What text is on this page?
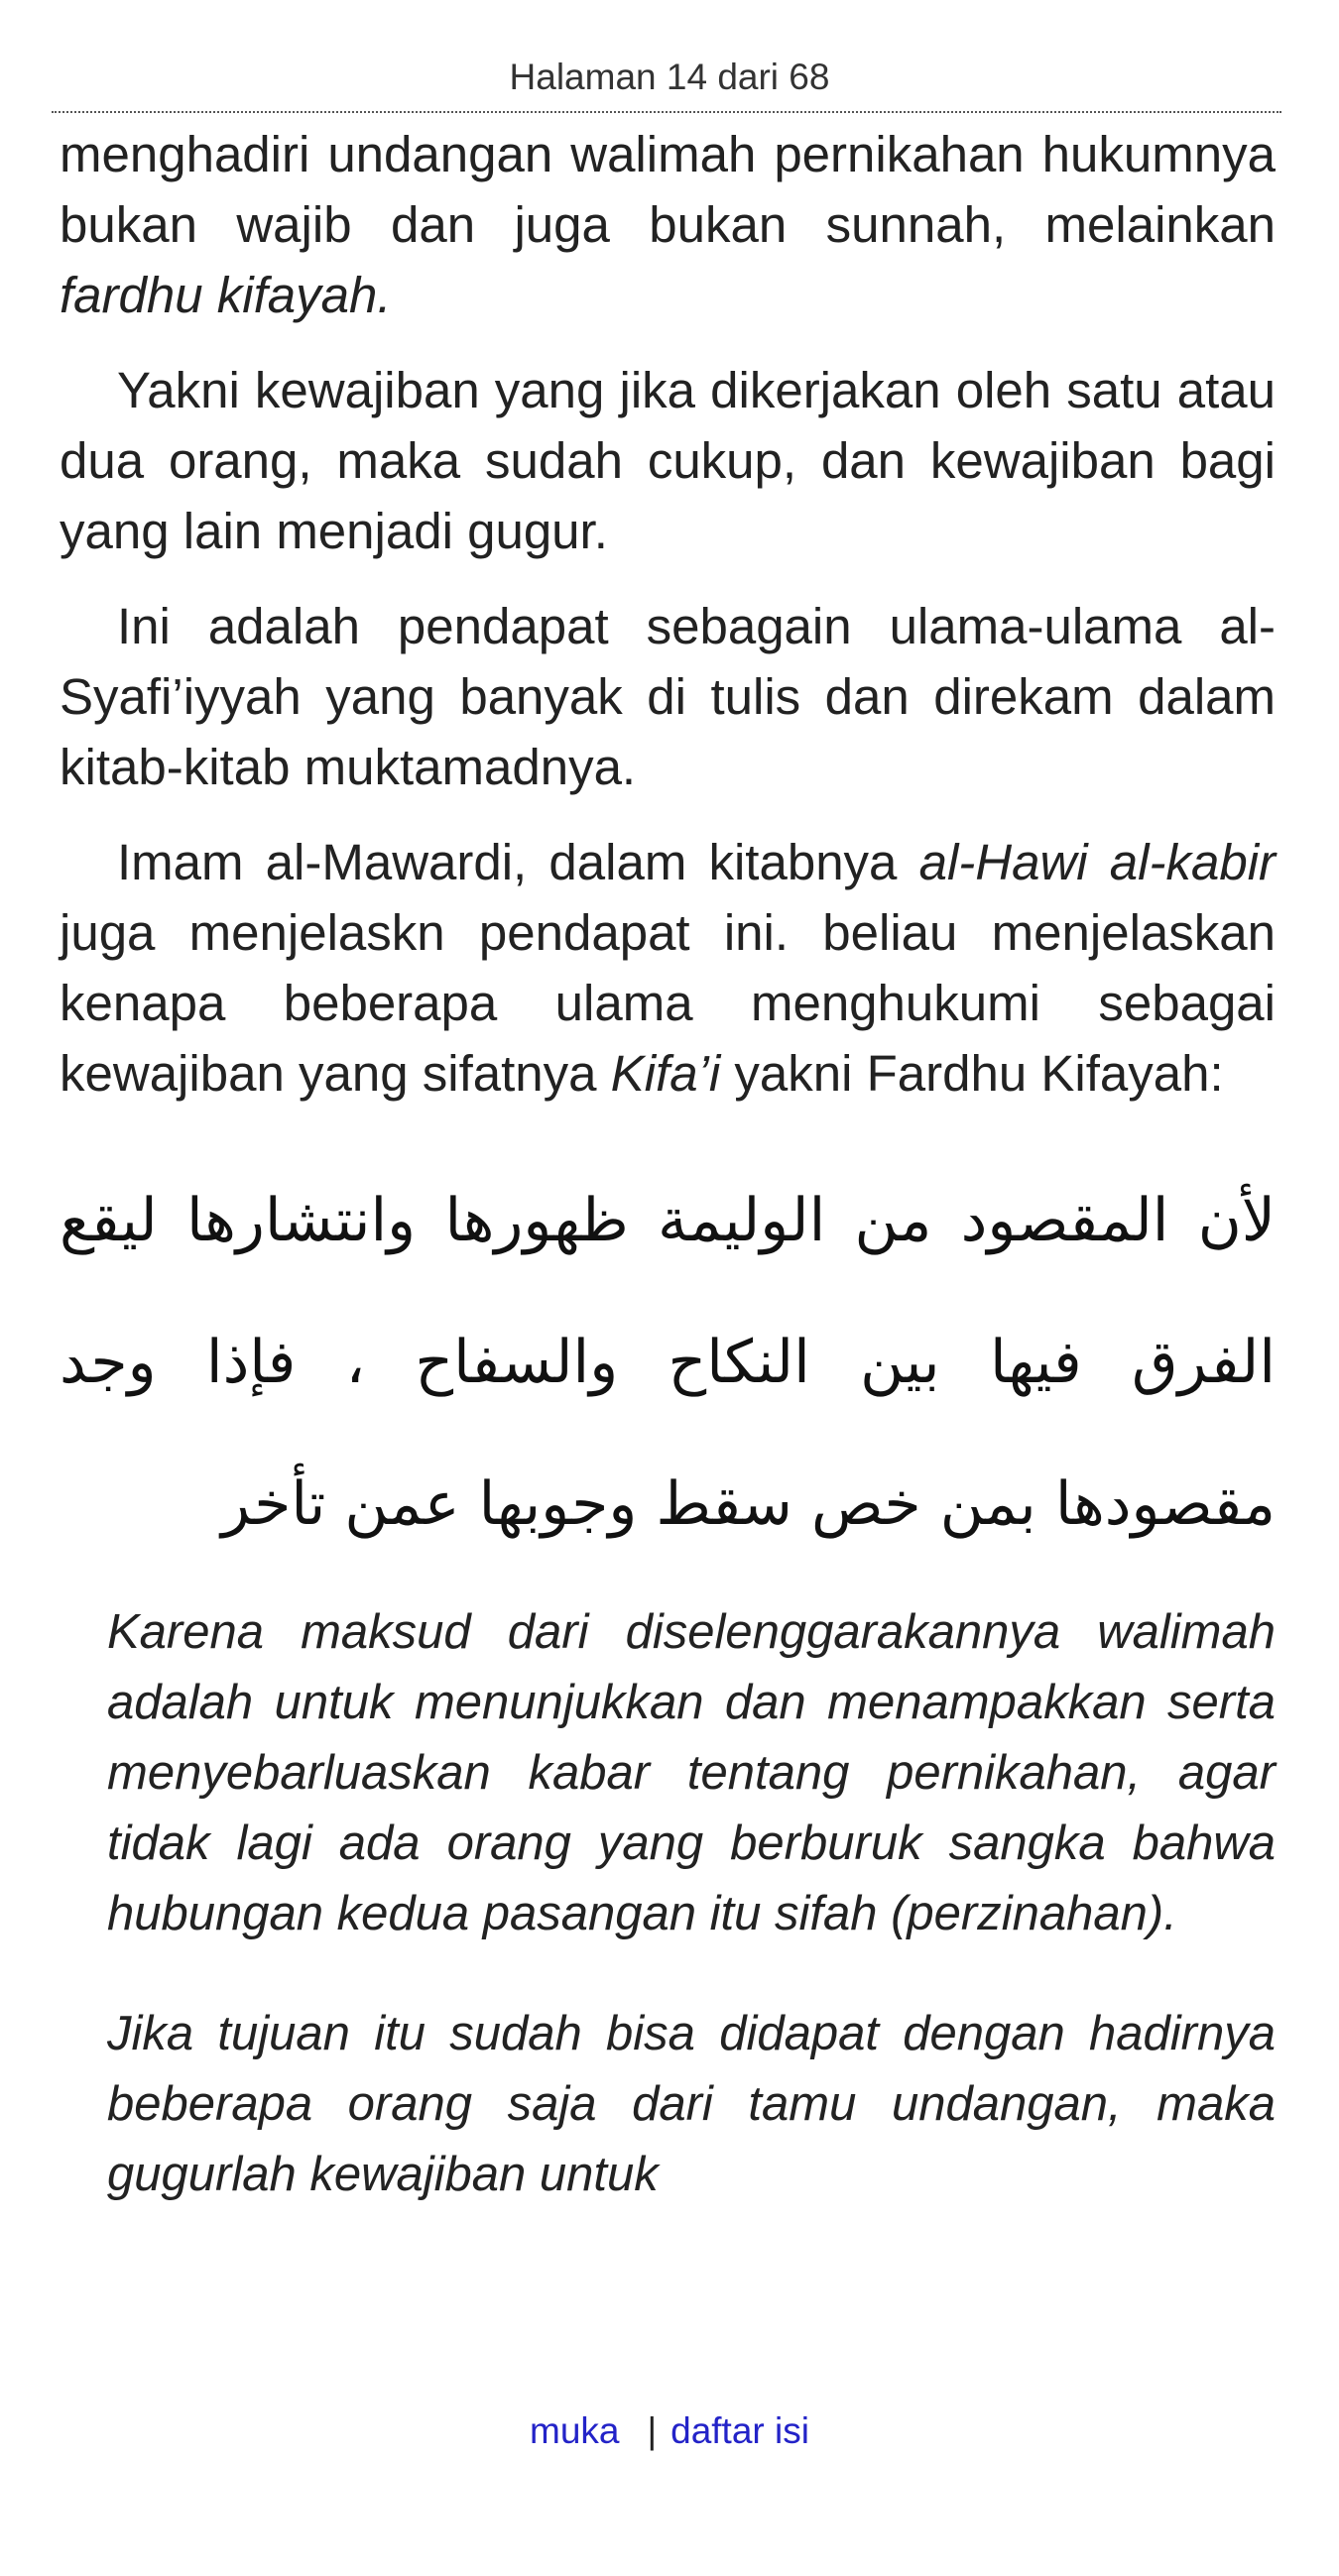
Halaman 14 dari 68

menghadiri undangan walimah pernikahan hukumnya bukan wajib dan juga bukan sunnah, melainkan fardhu kifayah.

Yakni kewajiban yang jika dikerjakan oleh satu atau dua orang, maka sudah cukup, dan kewajiban bagi yang lain menjadi gugur.

Ini adalah pendapat sebagain ulama-ulama al-Syafi’iyyah yang banyak di tulis dan direkam dalam kitab-kitab muktamadnya.

Imam al-Mawardi, dalam kitabnya al-Hawi al-kabir juga menjelaskn pendapat ini. beliau menjelaskan kenapa beberapa ulama menghukumi sebagai kewajiban yang sifatnya Kifa’i yakni Fardhu Kifayah:

لأن المقصود من الوليمة ظهورها وانتشارها ليقع الفرق فيها بين النكاح والسفاح ، فإذا وجد مقصودها بمن خص سقط وجوبها عمن تأخر

Karena maksud dari diselenggarakannya walimah adalah untuk menunjukkan dan menampakkan serta menyebarluaskan kabar tentang pernikahan, agar tidak lagi ada orang yang berburuk sangka bahwa hubungan kedua pasangan itu sifah (perzinahan).

Jika tujuan itu sudah bisa didapat dengan hadirnya beberapa orang saja dari tamu undangan, maka gugurlah kewajiban untuk

muka | daftar isi
